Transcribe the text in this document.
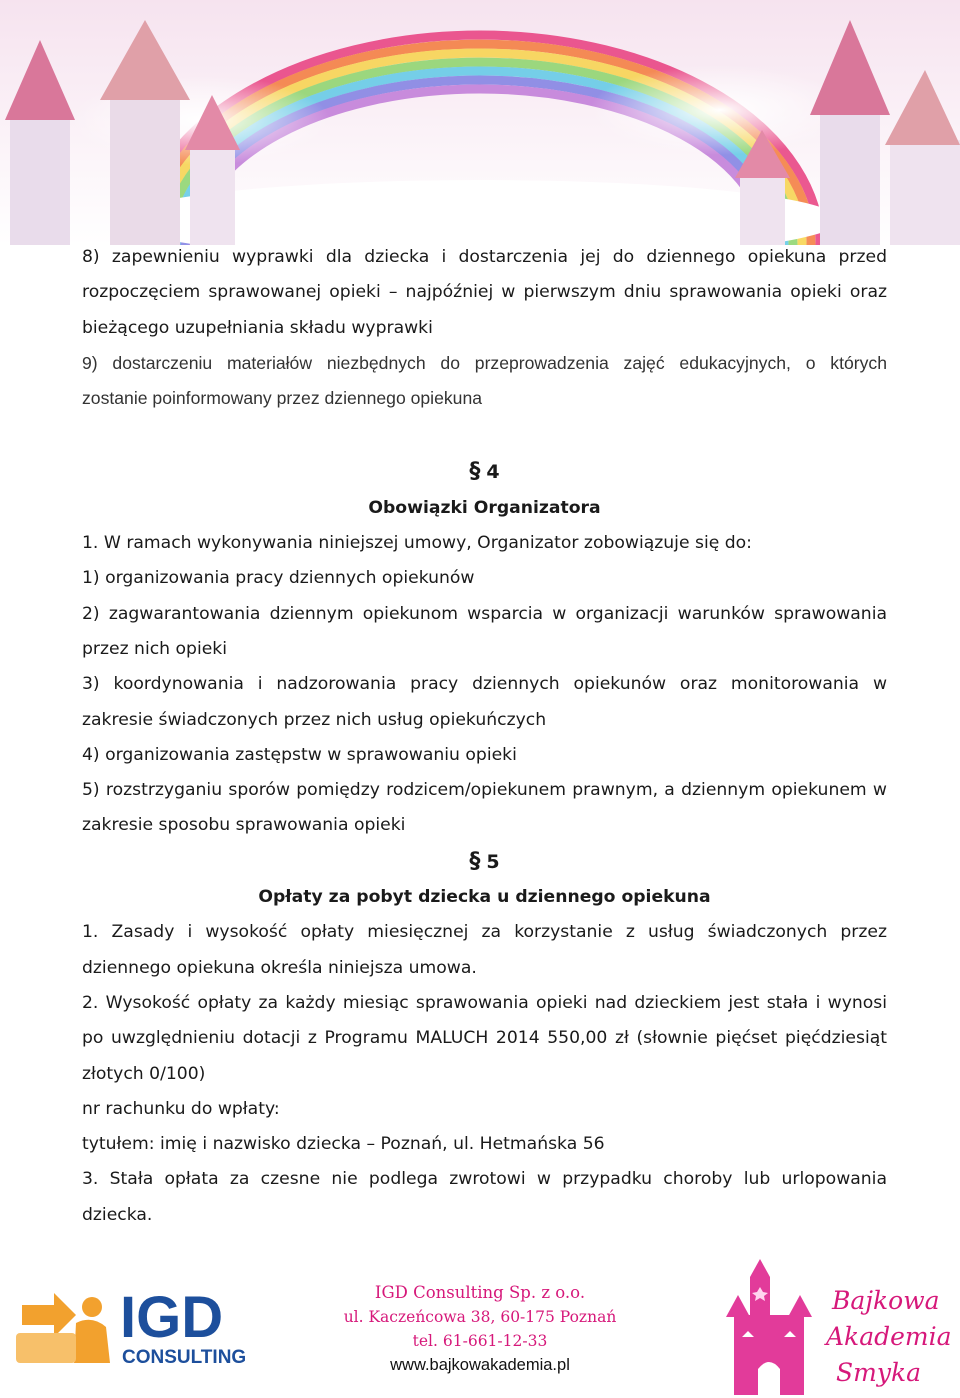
8) zapewnieniu wyprawki dla dziecka i dostarczenia jej do dziennego opiekuna przed
rozpoczęciem sprawowanej opieki – najpóźniej w pierwszym dniu sprawowania opieki oraz
bieżącego uzupełniania składu wyprawki
9) dostarczeniu materiałów niezbędnych do przeprowadzenia zajęć edukacyjnych, o których
zostanie poinformowany przez dziennego opiekuna
§ 4
Obowiązki Organizatora
1. W ramach wykonywania niniejszej umowy, Organizator zobowiązuje się do:
1) organizowania pracy dziennych opiekunów
2) zagwarantowania dziennym opiekunom wsparcia w organizacji warunków sprawowania
przez nich opieki
3) koordynowania i nadzorowania pracy dziennych opiekunów oraz monitorowania w
zakresie świadczonych przez nich usług opiekuńczych
4) organizowania zastępstw w sprawowaniu opieki
5) rozstrzyganiu sporów pomiędzy rodzicem/opiekunem prawnym, a dziennym opiekunem w
zakresie sposobu sprawowania opieki
§ 5
Opłaty za pobyt dziecka u dziennego opiekuna
1. Zasady i wysokość opłaty miesięcznej za korzystanie z usług świadczonych przez
dziennego opiekuna określa niniejsza umowa.
2. Wysokość opłaty za każdy miesiąc sprawowania opieki nad dzieckiem jest stała i wynosi
po uwzględnieniu dotacji z Programu MALUCH 2014 550,00 zł (słownie pięćset pięćdziesiąt
złotych 0/100)
nr rachunku do wpłaty:
tytułem: imię i nazwisko dziecka – Poznań, ul. Hetmańska 56
3. Stała opłata za czesne nie podlega zwrotowi w przypadku choroby lub urlopowania
dziecka.
IGD
CONSULTING
IGD Consulting Sp. z o.o.
ul. Kaczeńcowa 38, 60-175 Poznań
tel. 61-661-12-33
www.bajkowakademia.pl
Bajkowa
Akademia
Smyka
